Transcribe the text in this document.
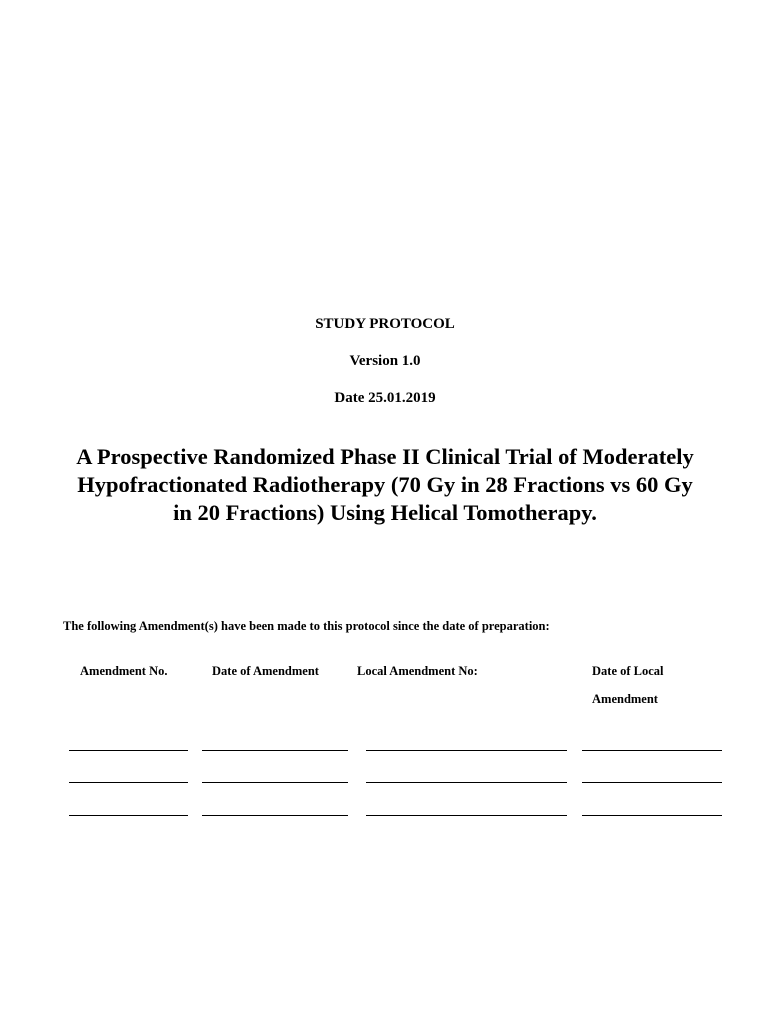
STUDY PROTOCOL
Version 1.0
Date 25.01.2019
A Prospective Randomized Phase II Clinical Trial of Moderately
Hypofractionated Radiotherapy (70 Gy in 28 Fractions vs 60 Gy
in 20 Fractions) Using Helical Tomotherapy.
The following Amendment(s) have been made to this protocol since the date of preparation:
Amendment No.	Date of Amendment	Local Amendment No:	Date of Local
Amendment
